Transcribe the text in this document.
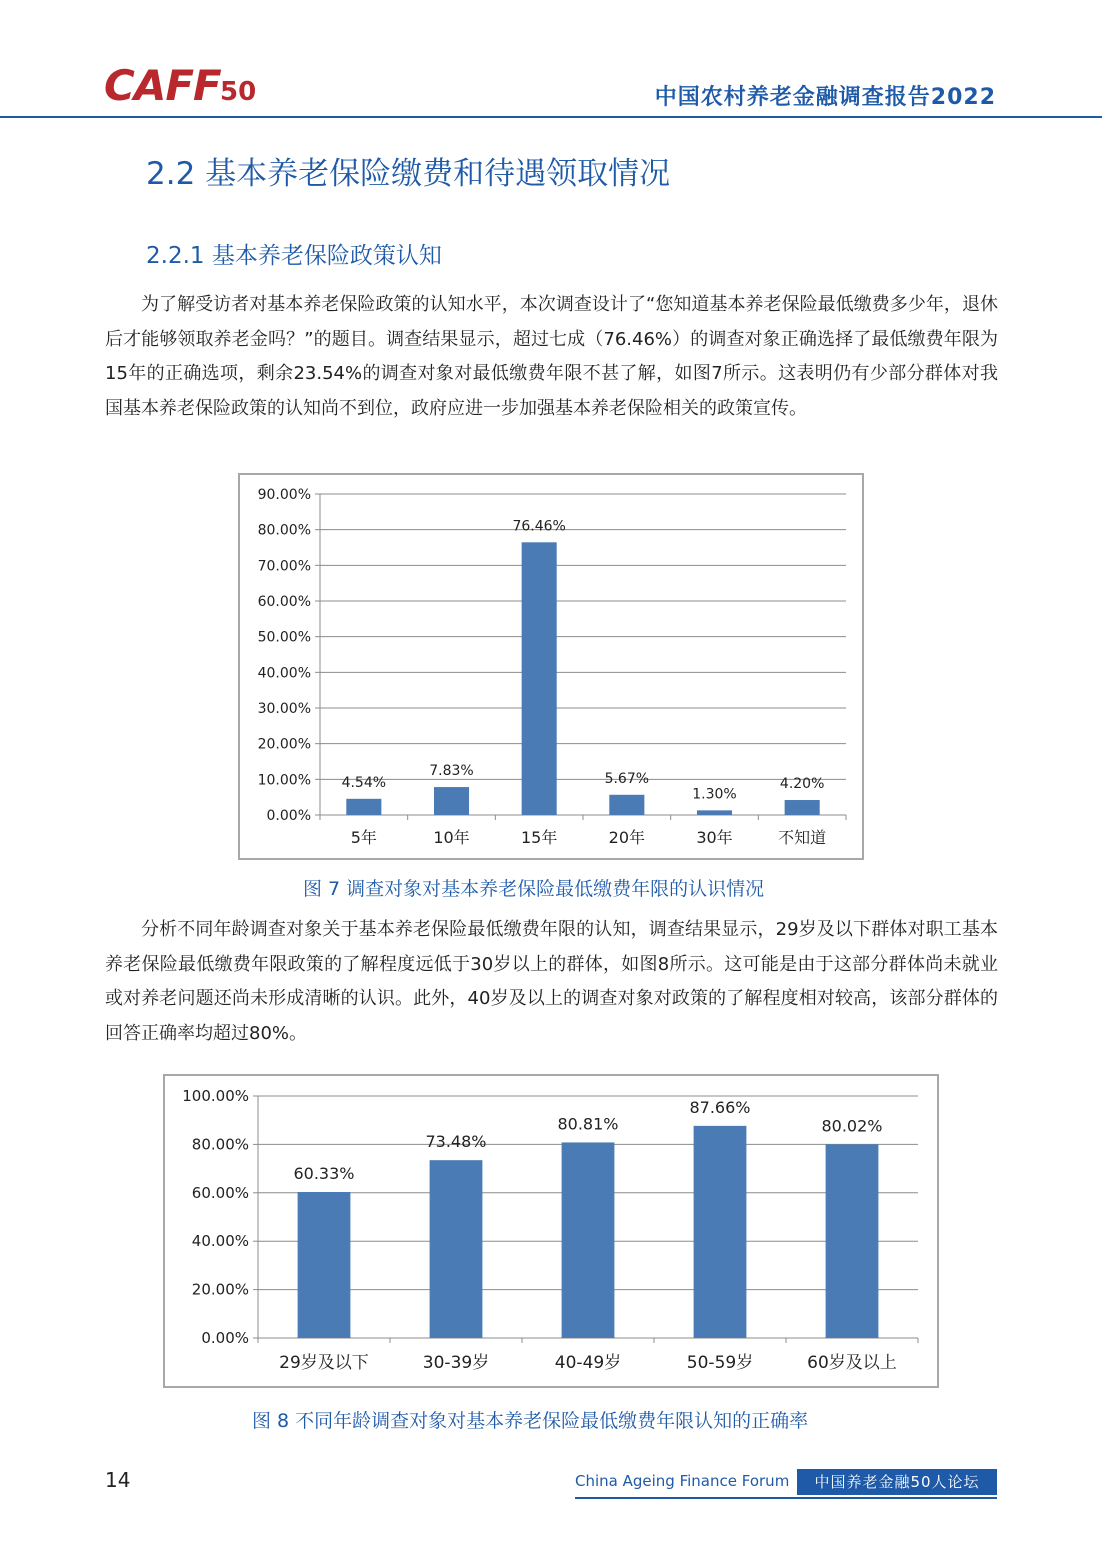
CAFF 50	中国农村养老金融调查报告2022
2.2 基本养老保险缴费和待遇领取情况
2.2.1 基本养老保险政策认知
为了解受访者对基本养老保险政策的认知水平，本次调查设计了“您知道基本养老保险最低缴费多少年，退休后才能够领取养老金吗？”的题目。调查结果显示，超过七成（76.46%）的调查对象正确选择了最低缴费年限为15年的正确选项，剩余23.54%的调查对象对最低缴费年限不甚了解，如图7所示。这表明仍有少部分群体对我国基本养老保险政策的认知尚不到位，政府应进一步加强基本养老保险相关的政策宣传。
0.00%
10.00%
20.00%
30.00%
40.00%
50.00%
60.00%
70.00%
80.00%
90.00%
4.54%
5年
7.83%
10年
76.46%
15年
5.67%
20年
1.30%
30年
4.20%
不知道
图 7 调查对象对基本养老保险最低缴费年限的认识情况
分析不同年龄调查对象关于基本养老保险最低缴费年限的认知，调查结果显示，29岁及以下群体对职工基本养老保险最低缴费年限政策的了解程度远低于30岁以上的群体，如图8所示。这可能是由于这部分群体尚未就业或对养老问题还尚未形成清晰的认识。此外，40岁及以上的调查对象对政策的了解程度相对较高，该部分群体的回答正确率均超过80%。
0.00%
20.00%
40.00%
60.00%
80.00%
100.00%
60.33%
29岁及以下
73.48%
30-39岁
80.81%
40-49岁
87.66%
50-59岁
80.02%
60岁及以上
图 8 不同年龄调查对象对基本养老保险最低缴费年限认知的正确率
14	China Ageing Finance Forum	中国养老金融50人论坛
